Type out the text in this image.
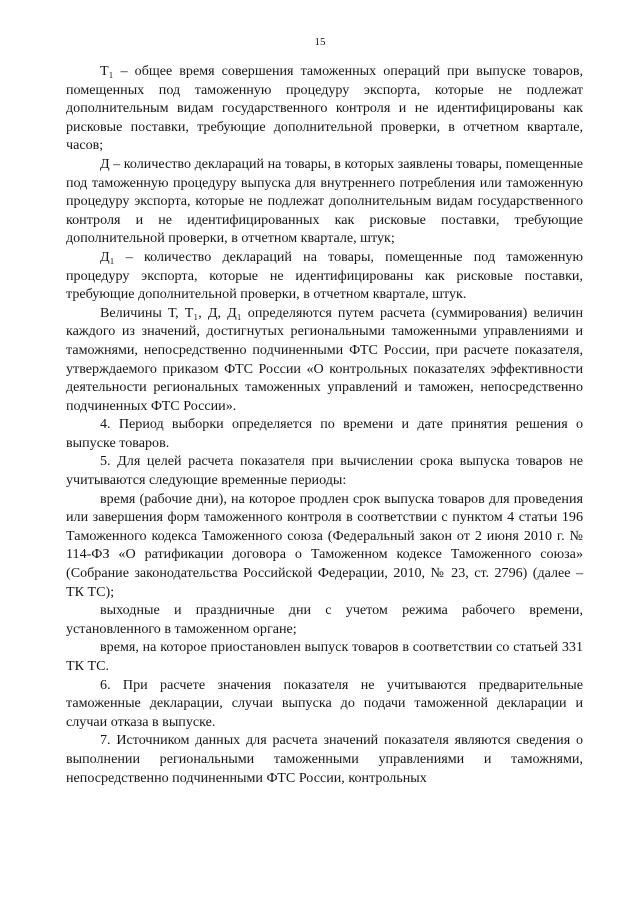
15

T₁ – общее время совершения таможенных операций при выпуске товаров, помещенных под таможенную процедуру экспорта, которые не подлежат дополнительным видам государственного контроля и не идентифицированы как рисковые поставки, требующие дополнительной проверки, в отчетном квартале, часов;

Д – количество деклараций на товары, в которых заявлены товары, помещенные под таможенную процедуру выпуска для внутреннего потребления или таможенную процедуру экспорта, которые не подлежат дополнительным видам государственного контроля и не идентифицированных как рисковые поставки, требующие дополнительной проверки, в отчетном квартале, штук;

Д₁ – количество деклараций на товары, помещенные под таможенную процедуру экспорта, которые не идентифицированы как рисковые поставки, требующие дополнительной проверки, в отчетном квартале, штук.

Величины Т, Т₁, Д, Д₁ определяются путем расчета (суммирования) величин каждого из значений, достигнутых региональными таможенными управлениями и таможнями, непосредственно подчиненными ФТС России, при расчете показателя, утверждаемого приказом ФТС России «О контрольных показателях эффективности деятельности региональных таможенных управлений и таможен, непосредственно подчиненных ФТС России».

4. Период выборки определяется по времени и дате принятия решения о выпуске товаров.

5. Для целей расчета показателя при вычислении срока выпуска товаров не учитываются следующие временные периоды:

время (рабочие дни), на которое продлен срок выпуска товаров для проведения или завершения форм таможенного контроля в соответствии с пунктом 4 статьи 196 Таможенного кодекса Таможенного союза (Федеральный закон от 2 июня 2010 г. № 114-ФЗ «О ратификации договора о Таможенном кодексе Таможенного союза» (Собрание законодательства Российской Федерации, 2010, № 23, ст. 2796) (далее – ТК ТС);

выходные и праздничные дни с учетом режима рабочего времени, установленного в таможенном органе;

время, на которое приостановлен выпуск товаров в соответствии со статьей 331 ТК ТС.

6. При расчете значения показателя не учитываются предварительные таможенные декларации, случаи выпуска до подачи таможенной декларации и случаи отказа в выпуске.

7. Источником данных для расчета значений показателя являются сведения о выполнении региональными таможенными управлениями и таможнями, непосредственно подчиненными ФТС России, контрольных
